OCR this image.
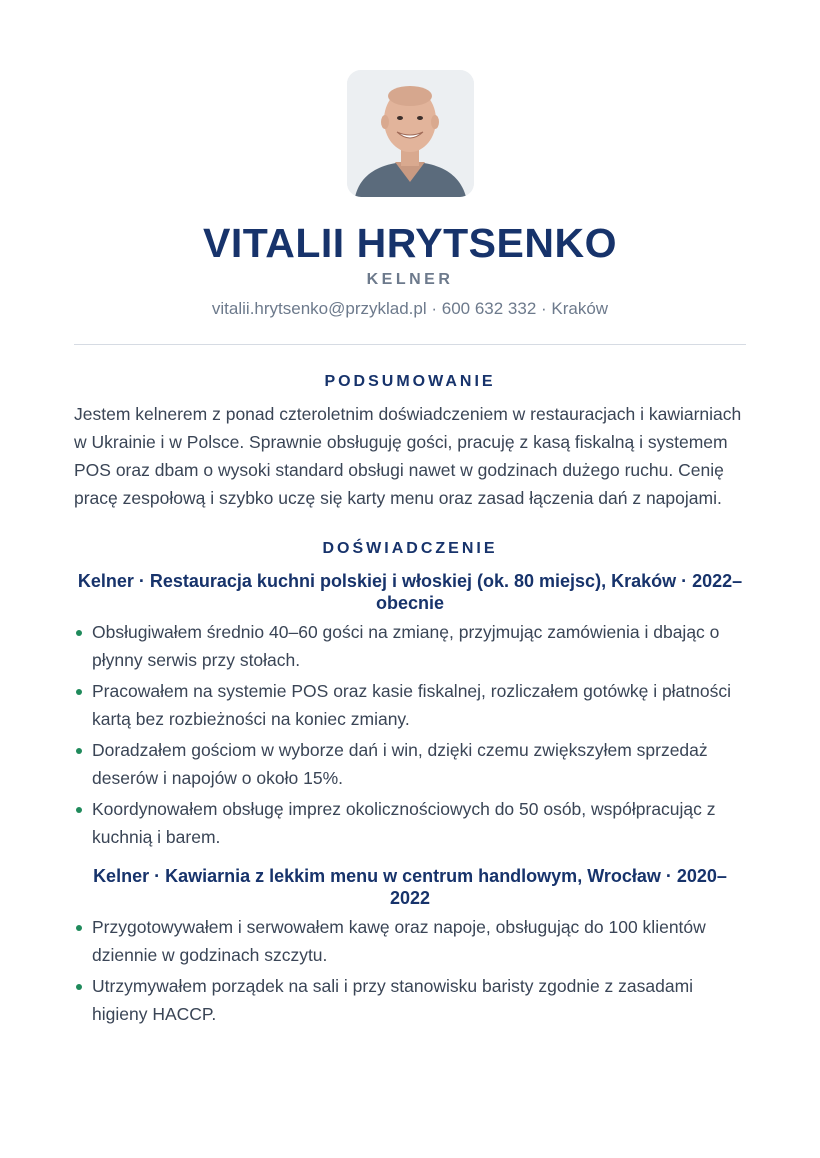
VITALII HRYTSENKO
KELNER
vitalii.hrytsenko@przyklad.pl · 600 632 332 · Kraków
PODSUMOWANIE
Jestem kelnerem z ponad czteroletnim doświadczeniem w restauracjach i kawiarniach w Ukrainie i w Polsce. Sprawnie obsługuję gości, pracuję z kasą fiskalną i systemem POS oraz dbam o wysoki standard obsługi nawet w godzinach dużego ruchu. Cenię pracę zespołową i szybko uczę się karty menu oraz zasad łączenia dań z napojami.
DOŚWIADCZENIE
Kelner · Restauracja kuchni polskiej i włoskiej (ok. 80 miejsc), Kraków · 2022–obecnie
Obsługiwałem średnio 40–60 gości na zmianę, przyjmując zamówienia i dbając o płynny serwis przy stołach.
Pracowałem na systemie POS oraz kasie fiskalnej, rozliczałem gotówkę i płatności kartą bez rozbieżności na koniec zmiany.
Doradzałem gościom w wyborze dań i win, dzięki czemu zwiększyłem sprzedaż deserów i napojów o około 15%.
Koordynowałem obsługę imprez okolicznościowych do 50 osób, współpracując z kuchnią i barem.
Kelner · Kawiarnia z lekkim menu w centrum handlowym, Wrocław · 2020–2022
Przygotowywałem i serwowałem kawę oraz napoje, obsługując do 100 klientów dziennie w godzinach szczytu.
Utrzymywałem porządek na sali i przy stanowisku baristy zgodnie z zasadami higieny HACCP.
